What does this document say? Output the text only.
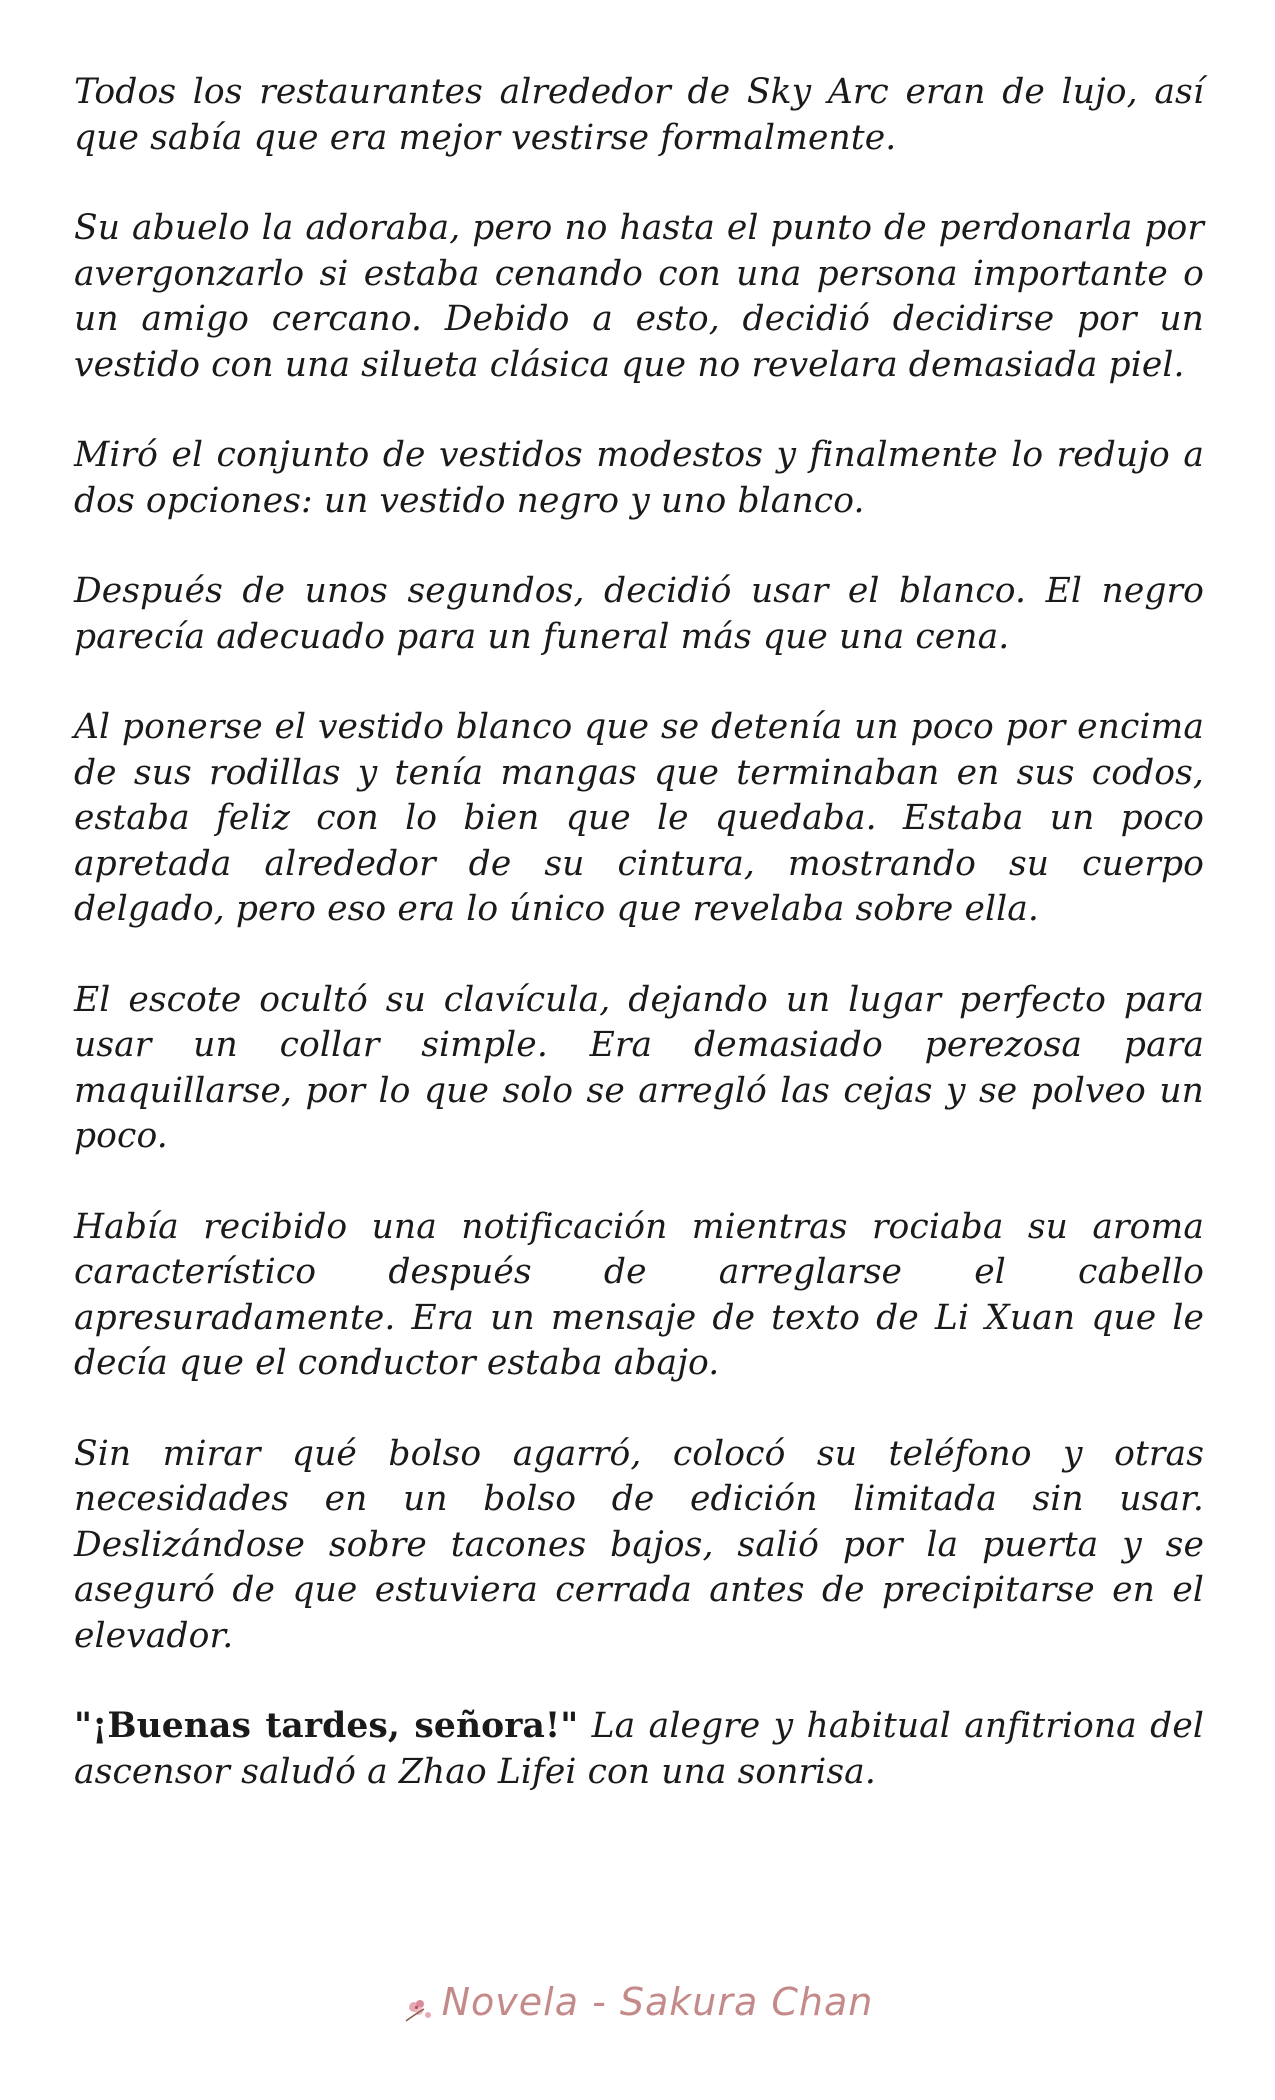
Todos los restaurantes alrededor de Sky Arc eran de lujo, así que sabía que era mejor vestirse formalmente.

Su abuelo la adoraba, pero no hasta el punto de perdonarla por avergonzarlo si estaba cenando con una persona importante o un amigo cercano. Debido a esto, decidió decidirse por un vestido con una silueta clásica que no revelara demasiada piel.

Miró el conjunto de vestidos modestos y finalmente lo redujo a dos opciones: un vestido negro y uno blanco.

Después de unos segundos, decidió usar el blanco. El negro parecía adecuado para un funeral más que una cena.

Al ponerse el vestido blanco que se detenía un poco por encima de sus rodillas y tenía mangas que terminaban en sus codos, estaba feliz con lo bien que le quedaba. Estaba un poco apretada alrededor de su cintura, mostrando su cuerpo delgado, pero eso era lo único que revelaba sobre ella.

El escote ocultó su clavícula, dejando un lugar perfecto para usar un collar simple. Era demasiado perezosa para maquillarse, por lo que solo se arregló las cejas y se polveo un poco.

Había recibido una notificación mientras rociaba su aroma característico después de arreglarse el cabello apresuradamente. Era un mensaje de texto de Li Xuan que le decía que el conductor estaba abajo.

Sin mirar qué bolso agarró, colocó su teléfono y otras necesidades en un bolso de edición limitada sin usar. Deslizándose sobre tacones bajos, salió por la puerta y se aseguró de que estuviera cerrada antes de precipitarse en el elevador.

"¡Buenas tardes, señora!" La alegre y habitual anfitriona del ascensor saludó a Zhao Lifei con una sonrisa.

Novela - Sakura Chan
